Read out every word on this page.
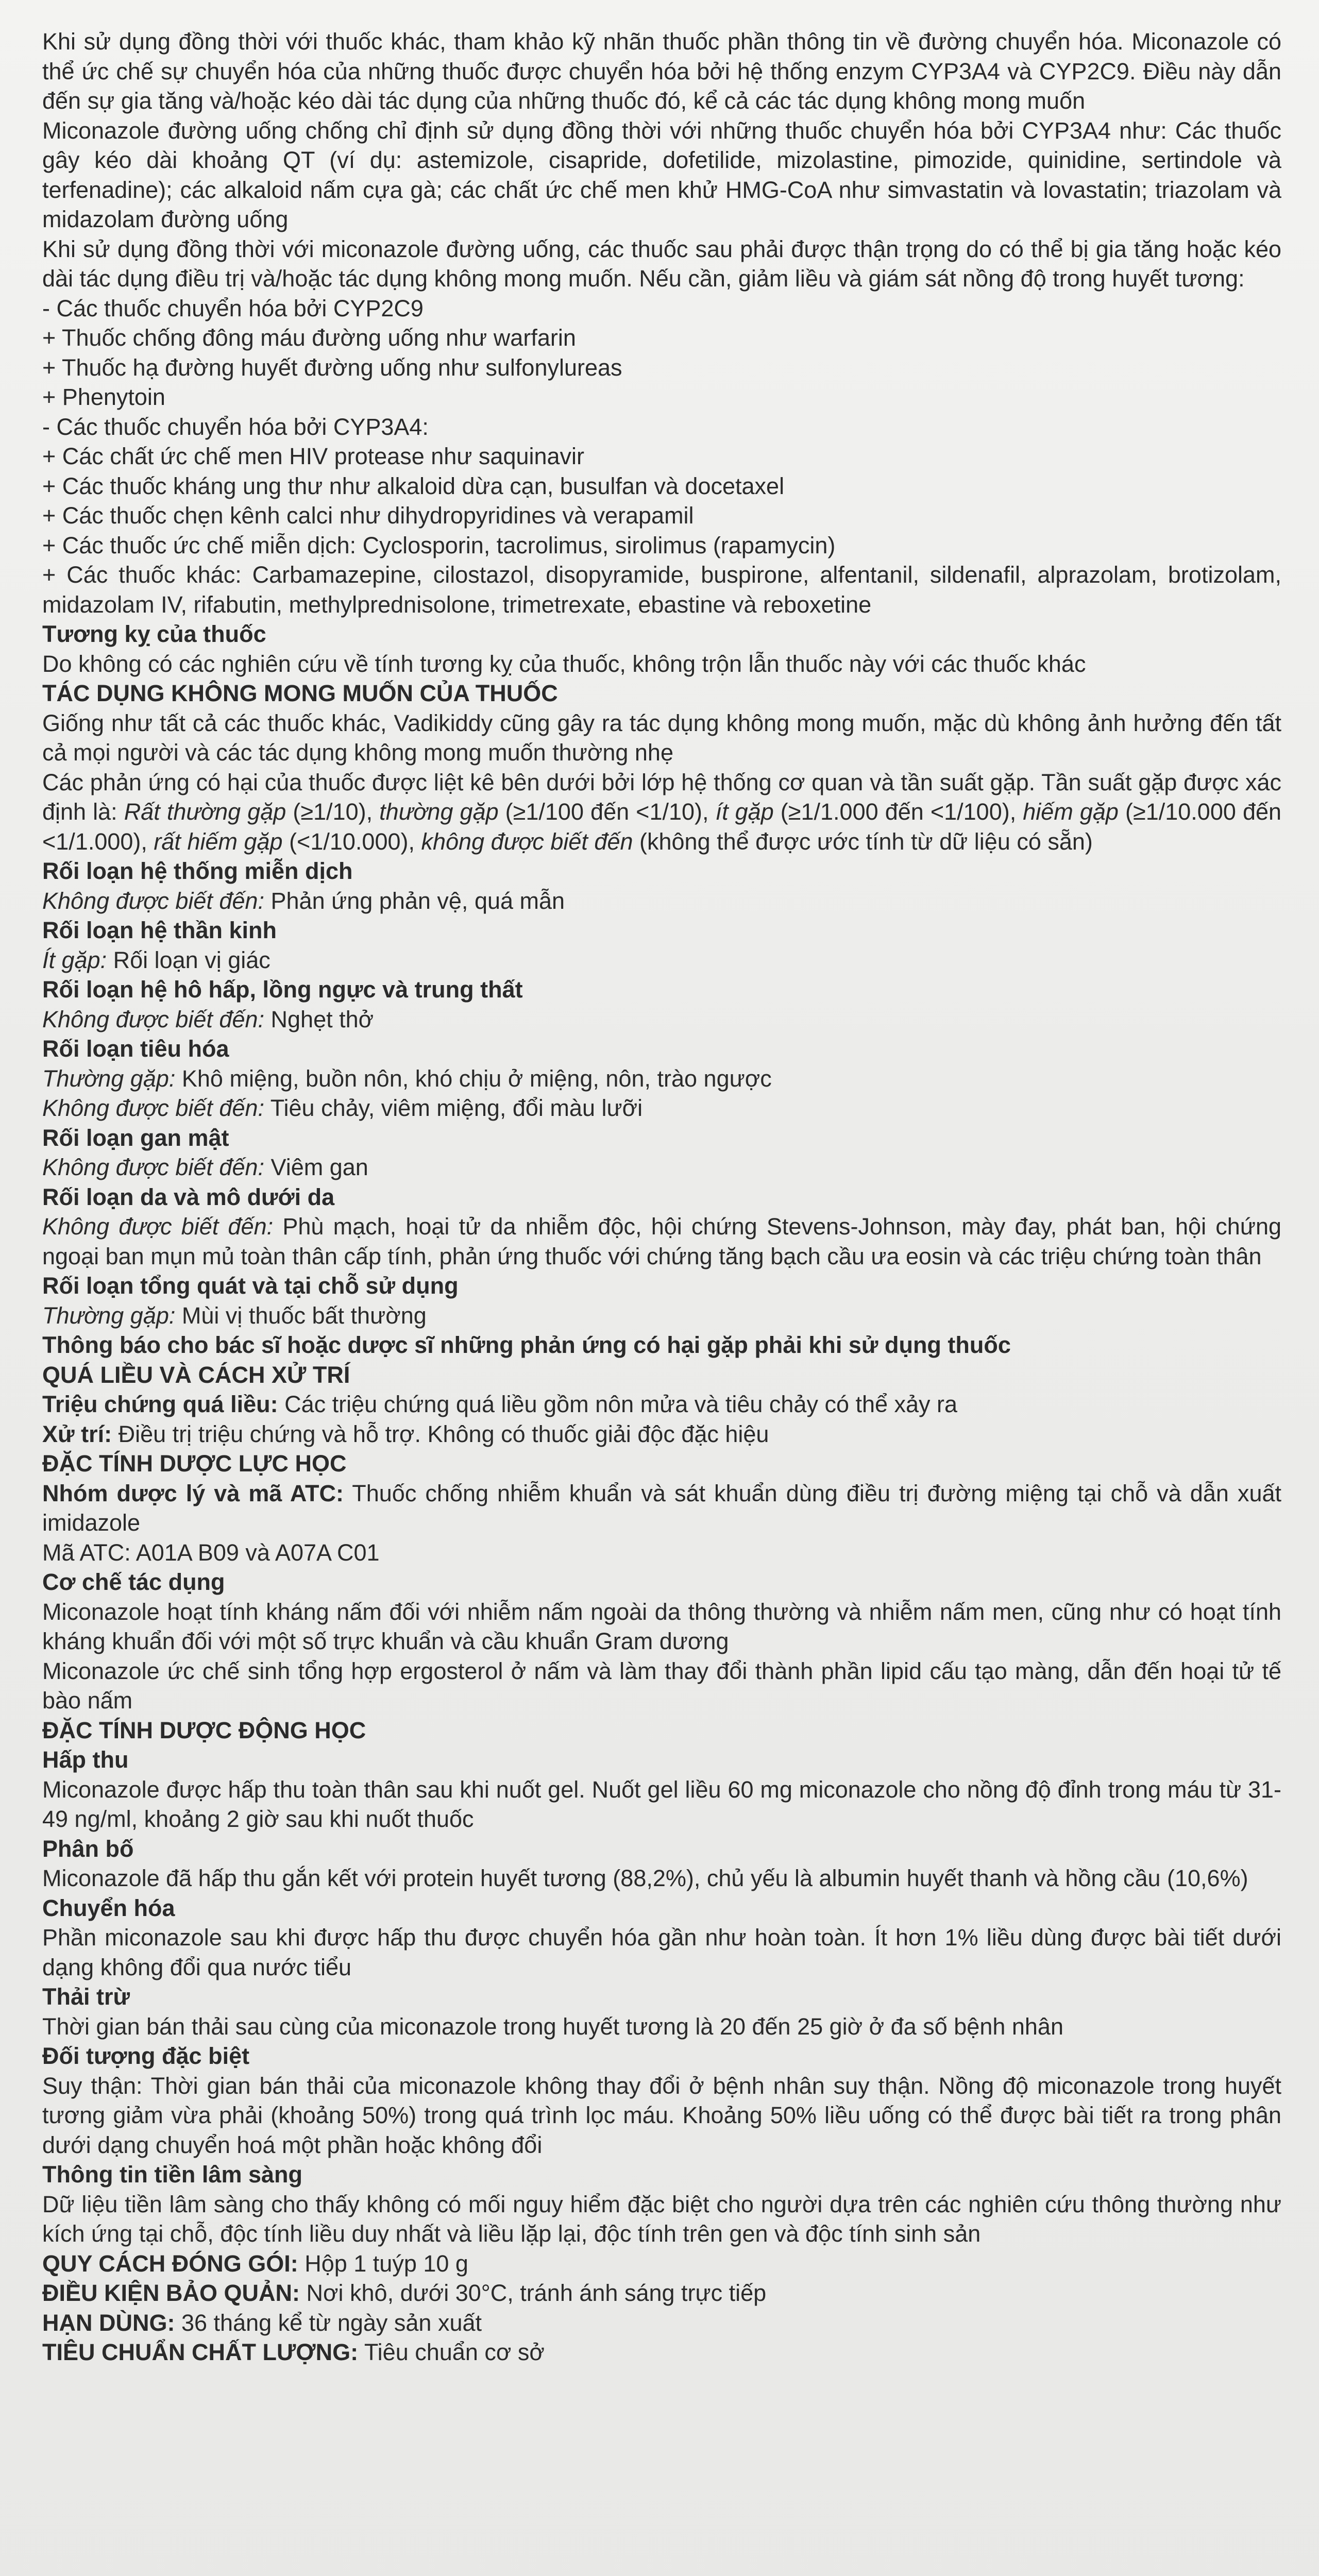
Khi sử dụng đồng thời với thuốc khác, tham khảo kỹ nhãn thuốc phần thông tin về đường chuyển hóa. Miconazole có thể ức chế sự chuyển hóa của những thuốc được chuyển hóa bởi hệ thống enzym CYP3A4 và CYP2C9. Điều này dẫn đến sự gia tăng và/hoặc kéo dài tác dụng của những thuốc đó, kể cả các tác dụng không mong muốn

Miconazole đường uống chống chỉ định sử dụng đồng thời với những thuốc chuyển hóa bởi CYP3A4 như: Các thuốc gây kéo dài khoảng QT (ví dụ: astemizole, cisapride, dofetilide, mizolastine, pimozide, quinidine, sertindole và terfenadine); các alkaloid nấm cựa gà; các chất ức chế men khử HMG-CoA như simvastatin và lovastatin; triazolam và midazolam đường uống

Khi sử dụng đồng thời với miconazole đường uống, các thuốc sau phải được thận trọng do có thể bị gia tăng hoặc kéo dài tác dụng điều trị và/hoặc tác dụng không mong muốn. Nếu cần, giảm liều và giám sát nồng độ trong huyết tương:

- Các thuốc chuyển hóa bởi CYP2C9

+ Thuốc chống đông máu đường uống như warfarin

+ Thuốc hạ đường huyết đường uống như sulfonylureas

+ Phenytoin

- Các thuốc chuyển hóa bởi CYP3A4:

+ Các chất ức chế men HIV protease như saquinavir

+ Các thuốc kháng ung thư như alkaloid dừa cạn, busulfan và docetaxel

+ Các thuốc chẹn kênh calci như dihydropyridines và verapamil

+ Các thuốc ức chế miễn dịch: Cyclosporin, tacrolimus, sirolimus (rapamycin)

+ Các thuốc khác: Carbamazepine, cilostazol, disopyramide, buspirone, alfentanil, sildenafil, alprazolam, brotizolam, midazolam IV, rifabutin, methylprednisolone, trimetrexate, ebastine và reboxetine

Tương kỵ của thuốc

Do không có các nghiên cứu về tính tương kỵ của thuốc, không trộn lẫn thuốc này với các thuốc khác

TÁC DỤNG KHÔNG MONG MUỐN CỦA THUỐC

Giống như tất cả các thuốc khác, Vadikiddy cũng gây ra tác dụng không mong muốn, mặc dù không ảnh hưởng đến tất cả mọi người và các tác dụng không mong muốn thường nhẹ

Các phản ứng có hại của thuốc được liệt kê bên dưới bởi lớp hệ thống cơ quan và tần suất gặp. Tần suất gặp được xác định là: Rất thường gặp (≥1/10), thường gặp (≥1/100 đến <1/10), ít gặp (≥1/1.000 đến <1/100), hiếm gặp (≥1/10.000 đến <1/1.000), rất hiếm gặp (<1/10.000), không được biết đến (không thể được ước tính từ dữ liệu có sẵn)

Rối loạn hệ thống miễn dịch

Không được biết đến: Phản ứng phản vệ, quá mẫn

Rối loạn hệ thần kinh

Ít gặp: Rối loạn vị giác

Rối loạn hệ hô hấp, lồng ngực và trung thất

Không được biết đến: Nghẹt thở

Rối loạn tiêu hóa

Thường gặp: Khô miệng, buồn nôn, khó chịu ở miệng, nôn, trào ngược

Không được biết đến: Tiêu chảy, viêm miệng, đổi màu lưỡi

Rối loạn gan mật

Không được biết đến: Viêm gan

Rối loạn da và mô dưới da

Không được biết đến: Phù mạch, hoại tử da nhiễm độc, hội chứng Stevens-Johnson, mày đay, phát ban, hội chứng ngoại ban mụn mủ toàn thân cấp tính, phản ứng thuốc với chứng tăng bạch cầu ưa eosin và các triệu chứng toàn thân

Rối loạn tổng quát và tại chỗ sử dụng

Thường gặp: Mùi vị thuốc bất thường

Thông báo cho bác sĩ hoặc dược sĩ những phản ứng có hại gặp phải khi sử dụng thuốc

QUÁ LIỀU VÀ CÁCH XỬ TRÍ

Triệu chứng quá liều: Các triệu chứng quá liều gồm nôn mửa và tiêu chảy có thể xảy ra

Xử trí: Điều trị triệu chứng và hỗ trợ. Không có thuốc giải độc đặc hiệu

ĐẶC TÍNH DƯỢC LỰC HỌC

Nhóm dược lý và mã ATC: Thuốc chống nhiễm khuẩn và sát khuẩn dùng điều trị đường miệng tại chỗ và dẫn xuất imidazole

Mã ATC: A01A B09 và A07A C01

Cơ chế tác dụng

Miconazole hoạt tính kháng nấm đối với nhiễm nấm ngoài da thông thường và nhiễm nấm men, cũng như có hoạt tính kháng khuẩn đối với một số trực khuẩn và cầu khuẩn Gram dương

Miconazole ức chế sinh tổng hợp ergosterol ở nấm và làm thay đổi thành phần lipid cấu tạo màng, dẫn đến hoại tử tế bào nấm

ĐẶC TÍNH DƯỢC ĐỘNG HỌC

Hấp thu

Miconazole được hấp thu toàn thân sau khi nuốt gel. Nuốt gel liều 60 mg miconazole cho nồng độ đỉnh trong máu từ 31- 49 ng/ml, khoảng 2 giờ sau khi nuốt thuốc

Phân bố

Miconazole đã hấp thu gắn kết với protein huyết tương (88,2%), chủ yếu là albumin huyết thanh và hồng cầu (10,6%)

Chuyển hóa

Phần miconazole sau khi được hấp thu được chuyển hóa gần như hoàn toàn. Ít hơn 1% liều dùng được bài tiết dưới dạng không đổi qua nước tiểu

Thải trừ

Thời gian bán thải sau cùng của miconazole trong huyết tương là 20 đến 25 giờ ở đa số bệnh nhân

Đối tượng đặc biệt

Suy thận: Thời gian bán thải của miconazole không thay đổi ở bệnh nhân suy thận. Nồng độ miconazole trong huyết tương giảm vừa phải (khoảng 50%) trong quá trình lọc máu. Khoảng 50% liều uống có thể được bài tiết ra trong phân dưới dạng chuyển hoá một phần hoặc không đổi

Thông tin tiền lâm sàng

Dữ liệu tiền lâm sàng cho thấy không có mối nguy hiểm đặc biệt cho người dựa trên các nghiên cứu thông thường như kích ứng tại chỗ, độc tính liều duy nhất và liều lặp lại, độc tính trên gen và độc tính sinh sản

QUY CÁCH ĐÓNG GÓI: Hộp 1 tuýp 10 g

ĐIỀU KIỆN BẢO QUẢN: Nơi khô, dưới 30°C, tránh ánh sáng trực tiếp

HẠN DÙNG: 36 tháng kể từ ngày sản xuất

TIÊU CHUẨN CHẤT LƯỢNG: Tiêu chuẩn cơ sở
